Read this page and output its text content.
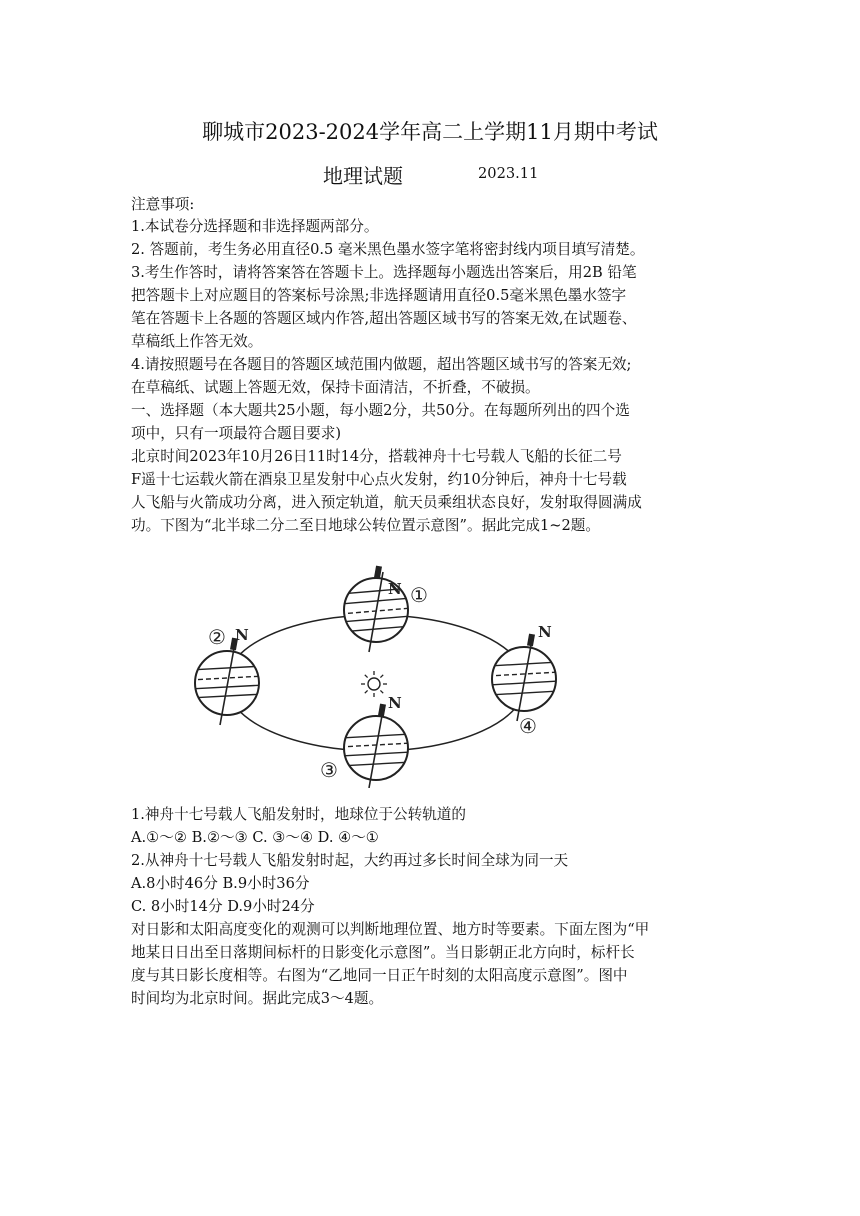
聊城市2023-2024学年高二上学期11月期中考试
地理试题	2023.11
注意事项:
1.本试卷分选择题和非选择题两部分。
2. 答题前，考生务必用直径0.5 毫米黑色墨水签字笔将密封线内项目填写清楚。
3.考生作答时，请将答案答在答题卡上。选择题每小题选出答案后，用2B 铅笔
把答题卡上对应题目的答案标号涂黑;非选择题请用直径0.5毫米黑色墨水签字
笔在答题卡上各题的答题区域内作答,超出答题区域书写的答案无效,在试题卷、
草稿纸上作答无效。
4.请按照题号在各题目的答题区域范围内做题，超出答题区域书写的答案无效;
在草稿纸、试题上答题无效，保持卡面清洁，不折叠，不破损。
一、选择题（本大题共25小题，每小题2分，共50分。在每题所列出的四个选
项中，只有一项最符合题目要求)
北京时间2023年10月26日11时14分，搭载神舟十七号载人飞船的长征二号
F遥十七运载火箭在酒泉卫星发射中心点火发射，约10分钟后，神舟十七号载
人飞船与火箭成功分离，进入预定轨道，航天员乘组状态良好，发射取得圆满成
功。下图为“北半球二分二至日地球公转位置示意图”。据此完成1~2题。
N
N	N
N
①
②
③
④
1.神舟十七号载人飞船发射时，地球位于公转轨道的
A.①～② B.②～③ C. ③～④ D. ④～①
2.从神舟十七号载人飞船发射时起，大约再过多长时间全球为同一天
A.8小时46分 B.9小时36分
C. 8小时14分 D.9小时24分
对日影和太阳高度变化的观测可以判断地理位置、地方时等要素。下面左图为“甲
地某日日出至日落期间标杆的日影变化示意图”。当日影朝正北方向时，标杆长
度与其日影长度相等。右图为“乙地同一日正午时刻的太阳高度示意图”。图中
时间均为北京时间。据此完成3～4题。
